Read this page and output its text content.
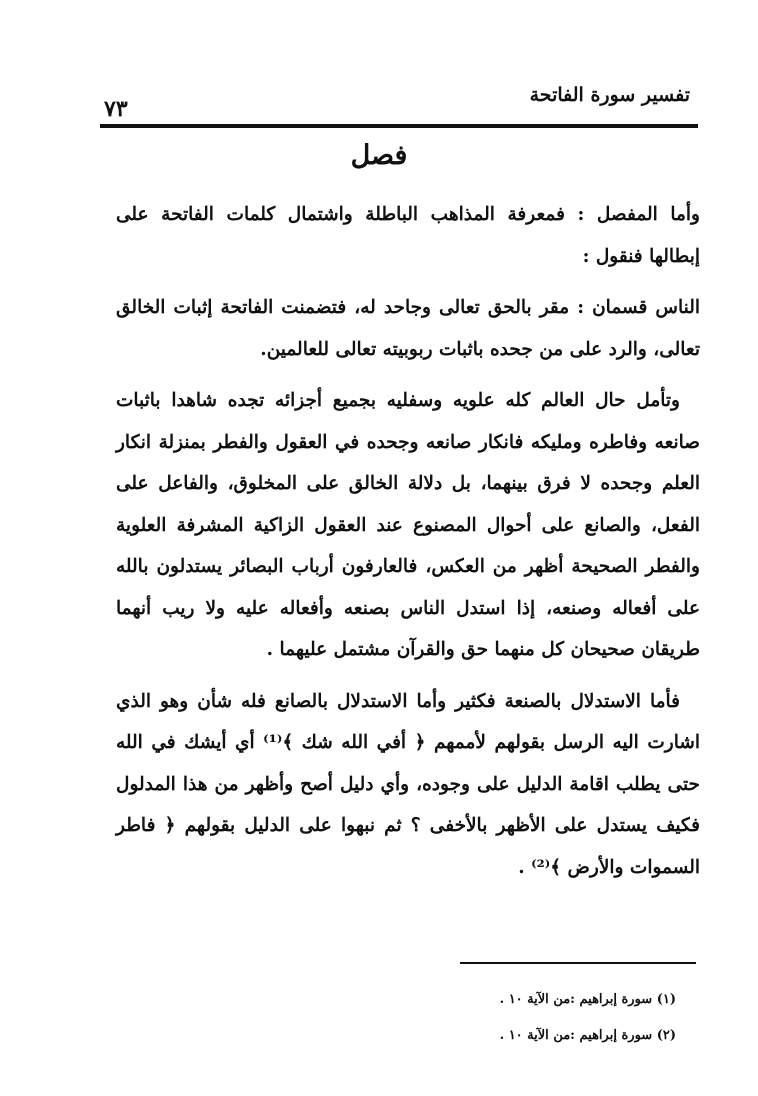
تفسير سورة الفاتحة
٧٣
فصل

وأما المفصل : فمعرفة المذاهب الباطلة واشتمال كلمات الفاتحة على إبطالها فنقول :

الناس قسمان : مقر بالحق تعالى وجاحد له، فتضمنت الفاتحة إثبات الخالق تعالى، والرد على من جحده باثبات ربوبيته تعالى للعالمين.

وتأمل حال العالم كله علويه وسفليه بجميع أجزائه تجده شاهدا باثبات صانعه وفاطره ومليكه فانكار صانعه وجحده في العقول والفطر بمنزلة انكار العلم وجحده لا فرق بينهما، بل دلالة الخالق على المخلوق، والفاعل على الفعل، والصانع على أحوال المصنوع عند العقول الزاكية المشرفة العلوية والفطر الصحيحة أظهر من العكس، فالعارفون أرباب البصائر يستدلون بالله على أفعاله وصنعه، إذا استدل الناس بصنعه وأفعاله عليه ولا ريب أنهما طريقان صحيحان كل منهما حق والقرآن مشتمل عليهما .

فأما الاستدلال بالصنعة فكثير وأما الاستدلال بالصانع فله شأن وهو الذي اشارت اليه الرسل بقولهم لأممهم ﴿ أفي الله شك ﴾⁽¹⁾ أي أيشك في الله حتى يطلب اقامة الدليل على وجوده، وأي دليل أصح وأظهر من هذا المدلول فكيف يستدل على الأظهر بالأخفى ؟ ثم نبهوا على الدليل بقولهم ﴿ فاطر السموات والأرض ﴾⁽²⁾ .

(١) سورة إبراهيم :من الآية ١٠ .
(٢) سورة إبراهيم :من الآية ١٠ .
